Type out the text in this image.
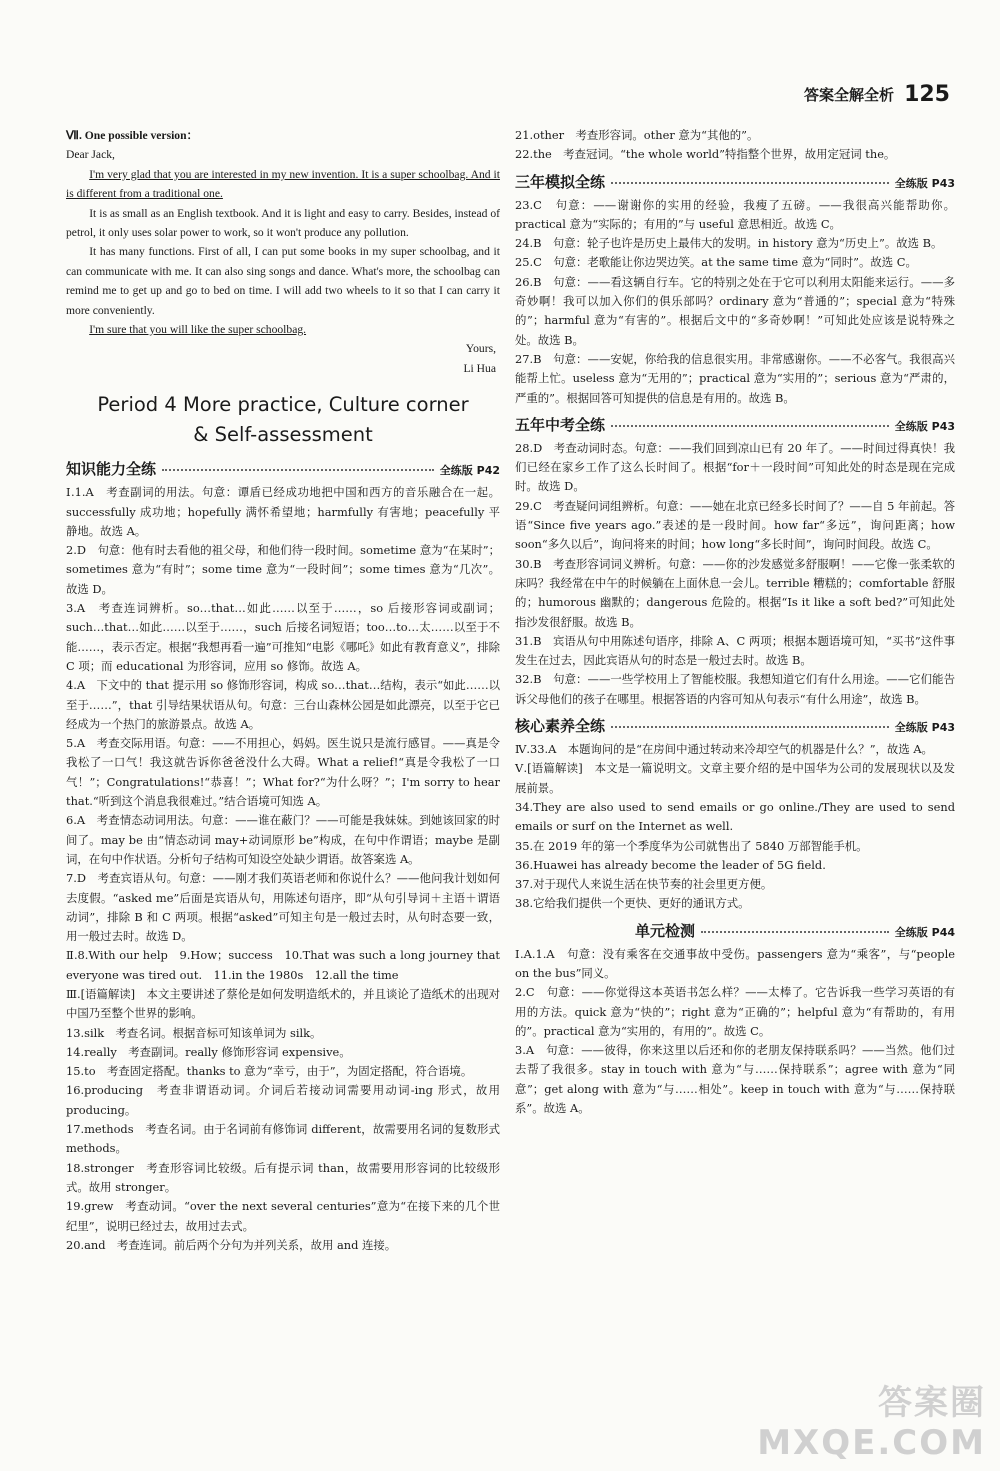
答案全解全析 125

Ⅶ. One possible version：

Dear Jack,

I'm very glad that you are interested in my new invention. It is a super schoolbag. And it is different from a traditional one.

It is as small as an English textbook. And it is light and easy to carry. Besides, instead of petrol, it only uses solar power to work, so it won't produce any pollution.

It has many functions. First of all, I can put some books in my super schoolbag, and it can communicate with me. It can also sing songs and dance. What's more, the schoolbag can remind me to get up and go to bed on time. I will add two wheels to it so that I can carry it more conveniently.

I'm sure that you will like the super schoolbag.

Yours,

Li Hua

Period 4 More practice, Culture corner
& Self-assessment
知识能力全练	全练版 P42

Ⅰ.1.A　考查副词的用法。句意：谭盾已经成功地把中国和西方的音乐融合在一起。successfully 成功地；hopefully 满怀希望地；harmfully 有害地；peacefully 平静地。故选 A。

2.D　句意：他有时去看他的祖父母，和他们待一段时间。sometime 意为“在某时”；sometimes 意为“有时”；some time 意为“一段时间”；some times 意为“几次”。故选 D。

3.A　考查连词辨析。so…that…如此……以至于……，so 后接形容词或副词；such…that…如此……以至于……，such 后接名词短语；too…to…太……以至于不能……，表示否定。根据“我想再看一遍”可推知“电影《哪吒》如此有教育意义”，排除 C 项；而 educational 为形容词，应用 so 修饰。故选 A。

4.A　下文中的 that 提示用 so 修饰形容词，构成 so…that…结构，表示“如此……以至于……”，that 引导结果状语从句。句意：三台山森林公园是如此漂亮，以至于它已经成为一个热门的旅游景点。故选 A。

5.A　考查交际用语。句意：——不用担心，妈妈。医生说只是流行感冒。——真是令我松了一口气！我这就告诉你爸爸没什么大碍。What a relief!“真是令我松了一口气！”；Congratulations!“恭喜！”；What for?“为什么呀？”；I'm sorry to hear that.“听到这个消息我很难过。”结合语境可知选 A。

6.A　考查情态动词用法。句意：——谁在蔽门？——可能是我妹妹。到她该回家的时间了。may be 由“情态动词 may+动词原形 be”构成，在句中作谓语；maybe 是副词，在句中作状语。分析句子结构可知设空处缺少谓语。故答案选 A。

7.D　考查宾语从句。句意：——刚才我们英语老师和你说什么？——他问我计划如何去度假。“asked me”后面是宾语从句，用陈述句语序，即“从句引导词＋主语＋谓语动词”，排除 B 和 C 两项。根据“asked”可知主句是一般过去时，从句时态要一致，用一般过去时。故选 D。

Ⅱ.8.With our help　9.How；success　10.That was such a long journey that everyone was tired out.　11.in the 1980s　12.all the time

Ⅲ.[语篇解读]　本文主要讲述了蔡伦是如何发明造纸术的，并且谈论了造纸术的出现对中国乃至整个世界的影响。

13.silk　考查名词。根据音标可知该单词为 silk。

14.really　考查副词。really 修饰形容词 expensive。

15.to　考查固定搭配。thanks to 意为“幸亏，由于”，为固定搭配，符合语境。

16.producing　考查非谓语动词。介词后若接动词需要用动词-ing 形式，故用 producing。

17.methods　考查名词。由于名词前有修饰词 different，故需要用名词的复数形式 methods。

18.stronger　考查形容词比较级。后有提示词 than，故需要用形容词的比较级形式。故用 stronger。

19.grew　考查动词。“over the next several centuries”意为“在接下来的几个世纪里”，说明已经过去，故用过去式。

20.and　考查连词。前后两个分句为并列关系，故用 and 连接。

21.other　考查形容词。other 意为“其他的”。

22.the　考查冠词。“the whole world”特指整个世界，故用定冠词 the。

三年模拟全练	全练版 P43

23.C　句意：——谢谢你的实用的经验，我瘦了五磅。——我很高兴能帮助你。practical 意为“实际的；有用的”与 useful 意思相近。故选 C。

24.B　句意：轮子也许是历史上最伟大的发明。in history 意为“历史上”。故选 B。

25.C　句意：老歌能让你边哭边笑。at the same time 意为“同时”。故选 C。

26.B　句意：——看这辆自行车。它的特别之处在于它可以利用太阳能来运行。——多奇妙啊！我可以加入你们的俱乐部吗？ordinary 意为“普通的”；special 意为“特殊的”；harmful 意为“有害的”。根据后文中的“多奇妙啊！”可知此处应该是说特殊之处。故选 B。

27.B　句意：——安妮，你给我的信息很实用。非常感谢你。——不必客气。我很高兴能帮上忙。useless 意为“无用的”；practical 意为“实用的”；serious 意为“严肃的，严重的”。根据回答可知提供的信息是有用的。故选 B。

五年中考全练	全练版 P43

28.D　考查动词时态。句意：——我们回到凉山已有 20 年了。——时间过得真快！我们已经在家乡工作了这么长时间了。根据“for＋一段时间”可知此处的时态是现在完成时。故选 D。

29.C　考查疑问词组辨析。句意：——她在北京已经多长时间了？——自 5 年前起。答语“Since five years ago.”表述的是一段时间。how far“多远”，询问距离；how soon“多久以后”，询问将来的时间；how long“多长时间”，询问时间段。故选 C。

30.B　考查形容词词义辨析。句意：——你的沙发感觉多舒服啊！——它像一张柔软的床吗？我经常在中午的时候躺在上面休息一会儿。terrible 糟糕的；comfortable 舒服的；humorous 幽默的；dangerous 危险的。根据“Is it like a soft bed?”可知此处指沙发很舒服。故选 B。

31.B　宾语从句中用陈述句语序，排除 A、C 两项；根据本题语境可知，“买书”这件事发生在过去，因此宾语从句的时态是一般过去时。故选 B。

32.B　句意：——一些学校用上了智能校服。我想知道它们有什么用途。——它们能告诉父母他们的孩子在哪里。根据答语的内容可知从句表示“有什么用途”，故选 B。

核心素养全练	全练版 P43

Ⅳ.33.A　本题询问的是“在房间中通过转动来冷却空气的机器是什么？”，故选 A。

Ⅴ.[语篇解读]　本文是一篇说明文。文章主要介绍的是中国华为公司的发展现状以及发展前景。

34.They are also used to send emails or go online./They are used to send emails or surf on the Internet as well.

35.在 2019 年的第一个季度华为公司就售出了 5840 万部智能手机。

36.Huawei has already become the leader of 5G field.

37.对于现代人来说生活在快节奏的社会里更方便。

38.它给我们提供一个更快、更好的通讯方式。

单元检测	全练版 P44

Ⅰ.A.1.A　句意：没有乘客在交通事故中受伤。passengers 意为“乘客”，与“people on the bus”同义。

2.C　句意：——你觉得这本英语书怎么样？——太棒了。它告诉我一些学习英语的有用的方法。quick 意为“快的”；right 意为“正确的”；helpful 意为“有帮助的，有用的”。practical 意为“实用的，有用的”。故选 C。

3.A　句意：——彼得，你来这里以后还和你的老朋友保持联系吗？——当然。他们过去帮了我很多。stay in touch with 意为“与……保持联系”；agree with 意为“同意”；get along with 意为“与……相处”。keep in touch with 意为“与……保持联系”。故选 A。

答案圈
MXQE.COM
